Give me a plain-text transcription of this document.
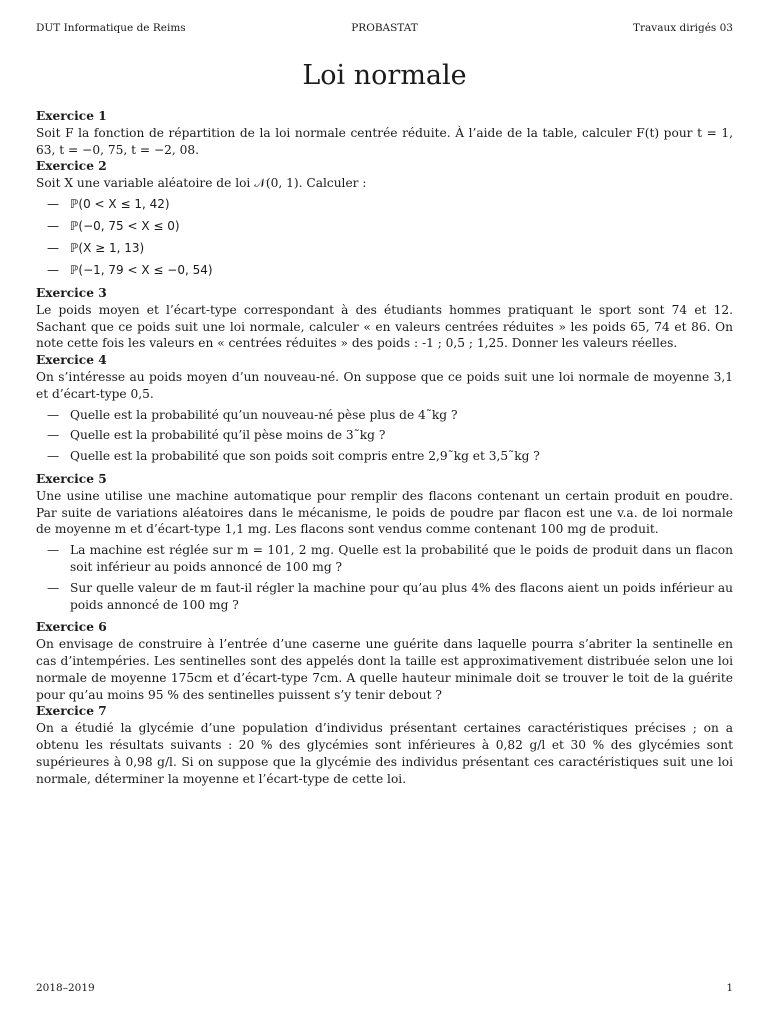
DUT Informatique de Reims	PROBASTAT	Travaux dirigés 03
Loi normale
Exercice 1

Soit F la fonction de répartition de la loi normale centrée réduite. À l’aide de la table, calculer F(t) pour t = 1, 63, t = −0, 75, t = −2, 08.

Exercice 2

Soit X une variable aléatoire de loi 𝒩(0, 1). Calculer :

— ℙ(0 < X ≤ 1, 42)
— ℙ(−0, 75 < X ≤ 0)
— ℙ(X ≥ 1, 13)
— ℙ(−1, 79 < X ≤ −0, 54)
Exercice 3

Le poids moyen et l’écart-type correspondant à des étudiants hommes pratiquant le sport sont 74 et 12. Sachant que ce poids suit une loi normale, calculer « en valeurs centrées réduites » les poids 65, 74 et 86. On note cette fois les valeurs en « centrées réduites » des poids : -1 ; 0,5 ; 1,25. Donner les valeurs réelles.

Exercice 4

On s’intéresse au poids moyen d’un nouveau-né. On suppose que ce poids suit une loi normale de moyenne 3,1 et d’écart-type 0,5.

— Quelle est la probabilité qu’un nouveau-né pèse plus de 4˜kg ?
— Quelle est la probabilité qu’il pèse moins de 3˜kg ?
— Quelle est la probabilité que son poids soit compris entre 2,9˜kg et 3,5˜kg ?
Exercice 5

Une usine utilise une machine automatique pour remplir des flacons contenant un certain produit en poudre. Par suite de variations aléatoires dans le mécanisme, le poids de poudre par flacon est une v.a. de loi normale de moyenne m et d’écart-type 1,1 mg. Les flacons sont vendus comme contenant 100 mg de produit.

— La machine est réglée sur m = 101, 2 mg. Quelle est la probabilité que le poids de produit dans un flacon soit inférieur au poids annoncé de 100 mg ?
— Sur quelle valeur de m faut-il régler la machine pour qu’au plus 4% des flacons aient un poids inférieur au poids annoncé de 100 mg ?
Exercice 6

On envisage de construire à l’entrée d’une caserne une guérite dans laquelle pourra s’abriter la sentinelle en cas d’intempéries. Les sentinelles sont des appelés dont la taille est approximativement distribuée selon une loi normale de moyenne 175cm et d’écart-type 7cm. A quelle hauteur minimale doit se trouver le toit de la guérite pour qu’au moins 95 % des sentinelles puissent s’y tenir debout ?

Exercice 7

On a étudié la glycémie d’une population d’individus présentant certaines caractéristiques précises ; on a obtenu les résultats suivants : 20 % des glycémies sont inférieures à 0,82 g/l et 30 % des glycémies sont supérieures à 0,98 g/l. Si on suppose que la glycémie des individus présentant ces caractéristiques suit une loi normale, déterminer la moyenne et l’écart-type de cette loi.

2018–2019	1
